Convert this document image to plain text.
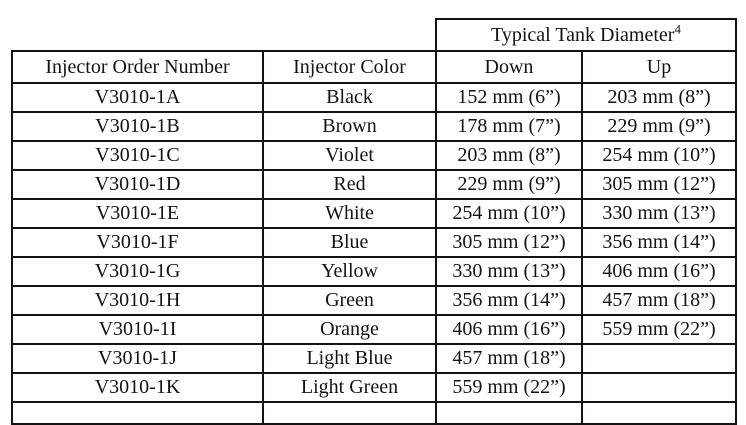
		Typical Tank Diameter$^4$
Injector Order Number	Injector Color	Down	Up
V3010-1A	Black	152 mm (6”)	203 mm (8”)
V3010-1B	Brown	178 mm (7”)	229 mm (9”)
V3010-1C	Violet	203 mm (8”)	254 mm (10”)
V3010-1D	Red	229 mm (9”)	305 mm (12”)
V3010-1E	White	254 mm (10”)	330 mm (13”)
V3010-1F	Blue	305 mm (12”)	356 mm (14”)
V3010-1G	Yellow	330 mm (13”)	406 mm (16”)
V3010-1H	Green	356 mm (14”)	457 mm (18”)
V3010-1I	Orange	406 mm (16”)	559 mm (22”)
V3010-1J	Light Blue	457 mm (18”)	
V3010-1K	Light Green	559 mm (22”)	
